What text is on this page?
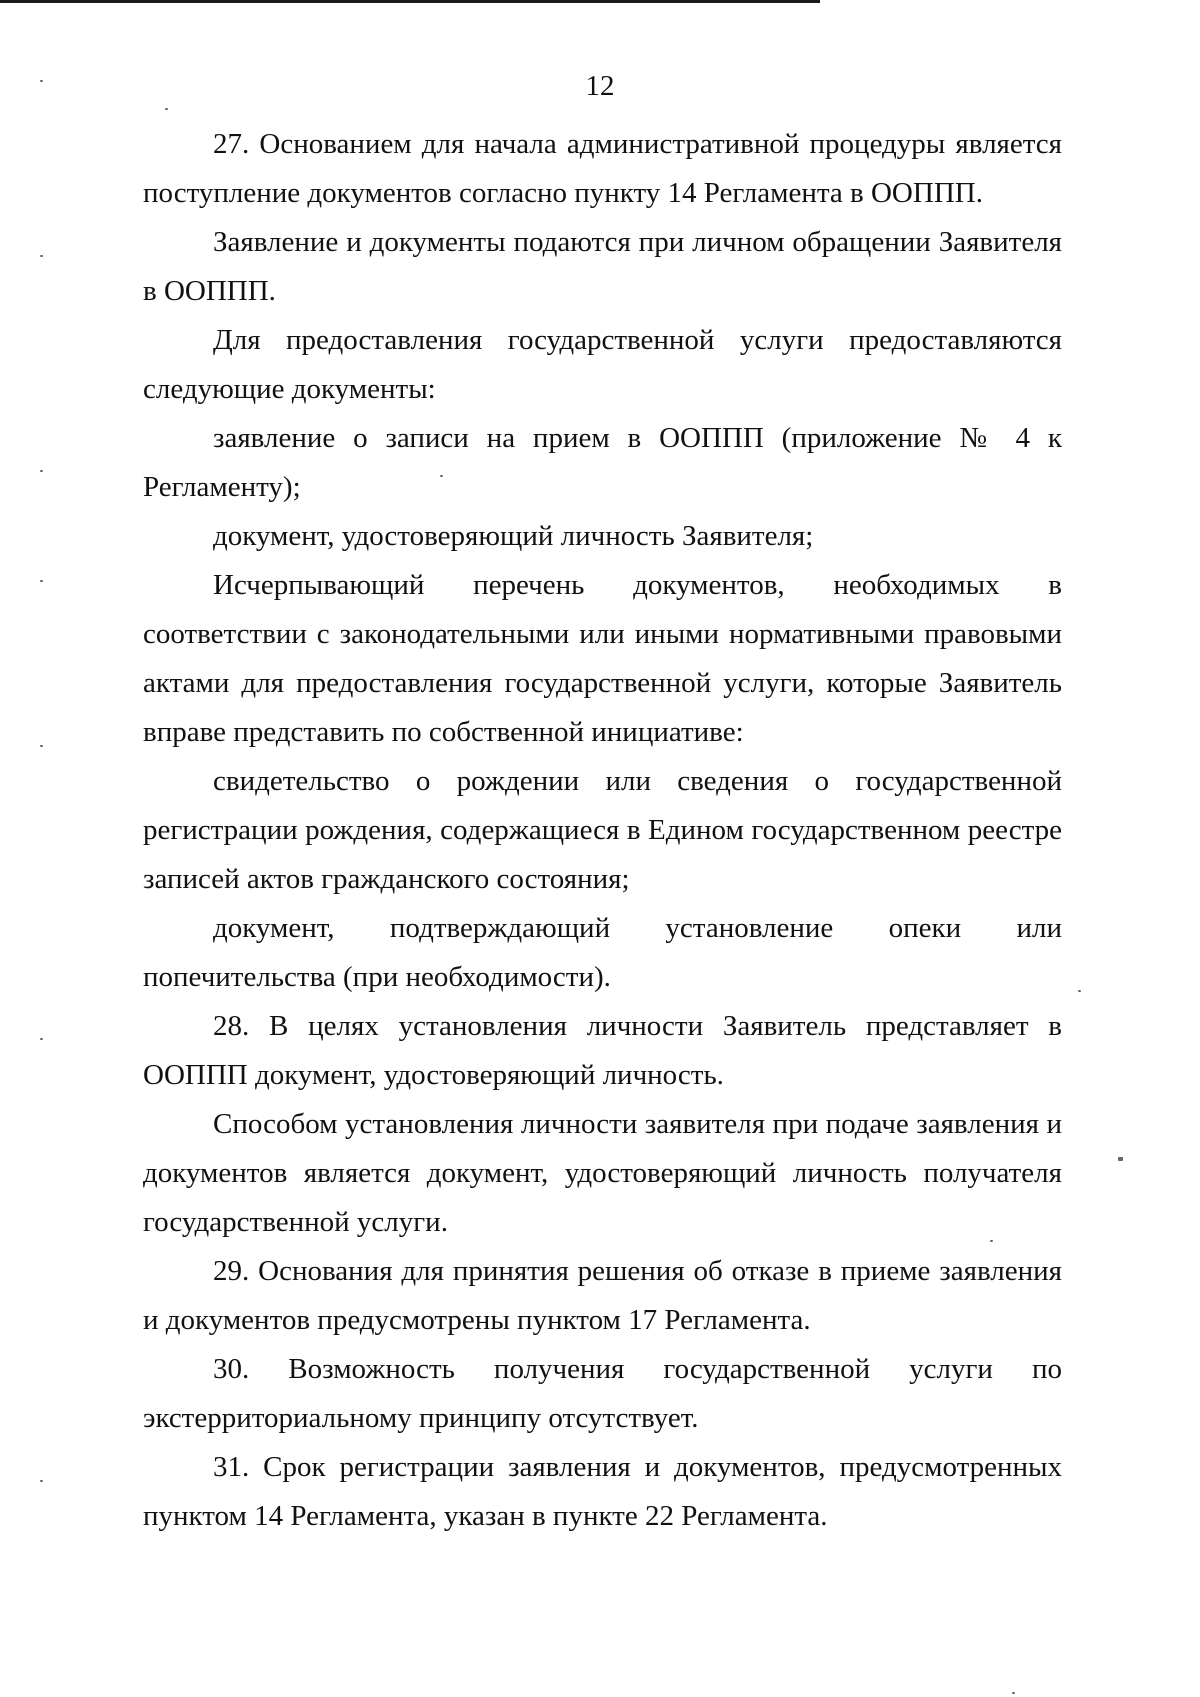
12

27. Основанием для начала административной процедуры является поступление документов согласно пункту 14 Регламента в ООППП.

Заявление и документы подаются при личном обращении Заявителя в ООППП.

Для предоставления государственной услуги предоставляются следующие документы:

заявление о записи на прием в ООППП (приложение № 4 к Регламенту);

документ, удостоверяющий личность Заявителя;

Исчерпывающий перечень документов, необходимых в соответствии с законодательными или иными нормативными правовыми актами для предоставления государственной услуги, которые Заявитель вправе представить по собственной инициативе:

свидетельство о рождении или сведения о государственной регистрации рождения, содержащиеся в Едином государственном реестре записей актов гражданского состояния;

документ, подтверждающий установление опеки или попечительства (при необходимости).

28. В целях установления личности Заявитель представляет в ООППП документ, удостоверяющий личность.

Способом установления личности заявителя при подаче заявления и документов является документ, удостоверяющий личность получателя государственной услуги.

29. Основания для принятия решения об отказе в приеме заявления и документов предусмотрены пунктом 17 Регламента.

30. Возможность получения государственной услуги по экстерриториальному принципу отсутствует.

31. Срок регистрации заявления и документов, предусмотренных пунктом 14 Регламента, указан в пункте 22 Регламента.
